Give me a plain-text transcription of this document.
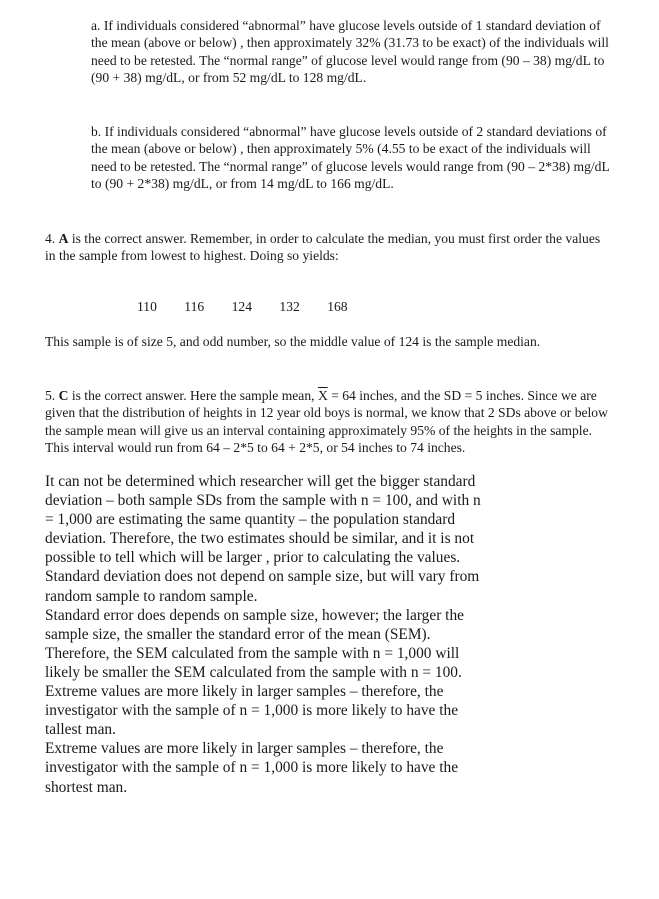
a. If individuals considered “abnormal” have glucose levels outside of 1 standard deviation of the mean (above or below) , then approximately 32% (31.73 to be exact) of the individuals will need to be retested. The “normal range” of glucose level would range from (90 – 38) mg/dL to (90 + 38) mg/dL, or from 52 mg/dL to 128 mg/dL.
b. If individuals considered “abnormal” have glucose levels outside of 2 standard deviations of the mean (above or below) , then approximately 5% (4.55 to be exact of the individuals will need to be retested. The “normal range” of glucose levels would range from (90 – 2*38) mg/dL to (90 + 2*38) mg/dL, or from 14 mg/dL to 166 mg/dL.
4. A is the correct answer. Remember, in order to calculate the median, you must first order the values in the sample from lowest to highest. Doing so yields:
110 116 124 132 168
This sample is of size 5, and odd number, so the middle value of 124 is the sample median.
5. C is the correct answer. Here the sample mean, $\overline{X} = 64$ inches, and the SD = 5 inches. Since we are given that the distribution of heights in 12 year old boys is normal, we know that 2 SDs above or below the sample mean will give us an interval containing approximately 95% of the heights in the sample. This interval would run from 64 – 2*5 to 64 + 2*5, or 54 inches to 74 inches.

It can not be determined which researcher will get the bigger standard deviation – both sample SDs from the sample with n = 100, and with n = 1,000 are estimating the same quantity – the population standard deviation. Therefore, the two estimates should be similar, and it is not possible to tell which will be larger , prior to calculating the values. Standard deviation does not depend on sample size, but will vary from random sample to random sample.

Standard error does depends on sample size, however; the larger the sample size, the smaller the standard error of the mean (SEM). Therefore, the SEM calculated from the sample with n = 1,000 will likely be smaller the SEM calculated from the sample with n = 100.

Extreme values are more likely in larger samples – therefore, the investigator with the sample of n = 1,000 is more likely to have the tallest man.

Extreme values are more likely in larger samples – therefore, the investigator with the sample of n = 1,000 is more likely to have the shortest man.
